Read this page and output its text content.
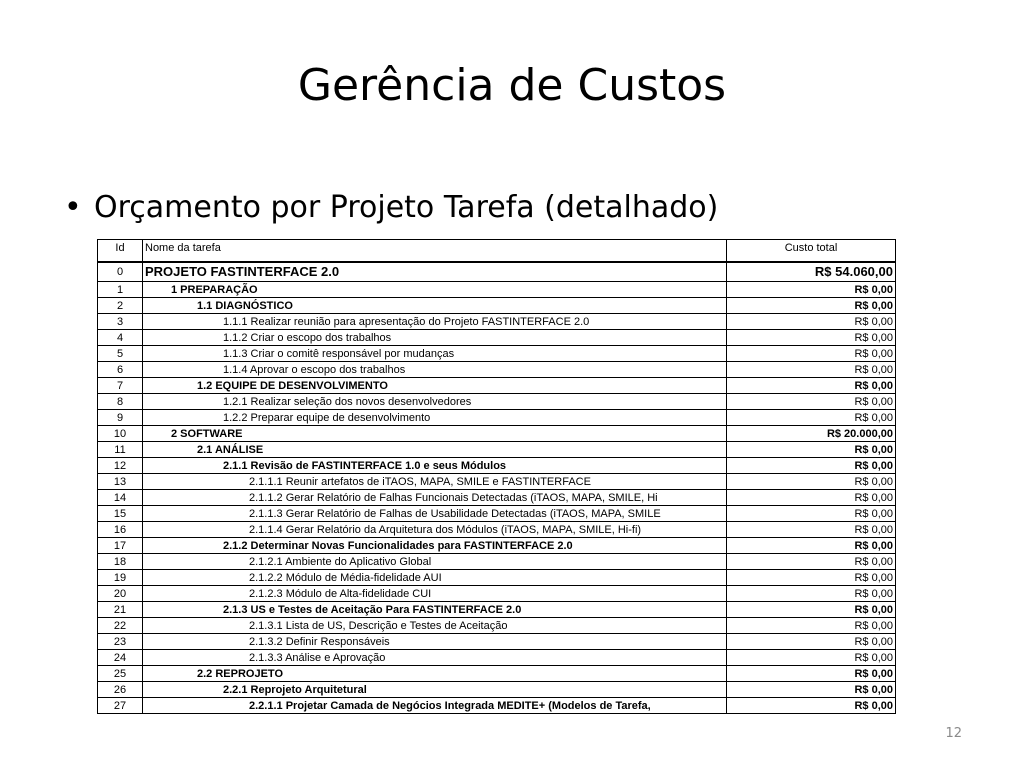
Gerência de Custos
• Orçamento por Projeto Tarefa (detalhado)
Id	Nome da tarefa	Custo total
0	PROJETO FASTINTERFACE 2.0	R$ 54.060,00
1	1 PREPARAÇÃO	R$ 0,00
2	1.1 DIAGNÓSTICO	R$ 0,00
3	1.1.1 Realizar reunião para apresentação do Projeto FASTINTERFACE 2.0	R$ 0,00
4	1.1.2 Criar o escopo dos trabalhos	R$ 0,00
5	1.1.3 Criar o comitê responsável por mudanças	R$ 0,00
6	1.1.4 Aprovar o escopo dos trabalhos	R$ 0,00
7	1.2 EQUIPE DE DESENVOLVIMENTO	R$ 0,00
8	1.2.1 Realizar seleção dos novos desenvolvedores	R$ 0,00
9	1.2.2 Preparar equipe de desenvolvimento	R$ 0,00
10	2 SOFTWARE	R$ 20.000,00
11	2.1 ANÁLISE	R$ 0,00
12	2.1.1 Revisão de FASTINTERFACE 1.0 e seus Módulos	R$ 0,00
13	2.1.1.1 Reunir artefatos de iTAOS, MAPA, SMILE e FASTINTERFACE	R$ 0,00
14	2.1.1.2 Gerar Relatório de Falhas Funcionais Detectadas (iTAOS, MAPA, SMILE, Hi	R$ 0,00
15	2.1.1.3 Gerar Relatório de Falhas de Usabilidade Detectadas (iTAOS, MAPA, SMILE	R$ 0,00
16	2.1.1.4 Gerar Relatório da Arquitetura dos Módulos (iTAOS, MAPA, SMILE, Hi-fi)	R$ 0,00
17	2.1.2 Determinar Novas Funcionalidades para FASTINTERFACE 2.0	R$ 0,00
18	2.1.2.1 Ambiente do Aplicativo Global	R$ 0,00
19	2.1.2.2 Módulo de Média-fidelidade AUI	R$ 0,00
20	2.1.2.3 Módulo de Alta-fidelidade CUI	R$ 0,00
21	2.1.3 US e Testes de Aceitação Para FASTINTERFACE 2.0	R$ 0,00
22	2.1.3.1 Lista de US, Descrição e Testes de Aceitação	R$ 0,00
23	2.1.3.2 Definir Responsáveis	R$ 0,00
24	2.1.3.3 Análise e Aprovação	R$ 0,00
25	2.2 REPROJETO	R$ 0,00
26	2.2.1 Reprojeto Arquitetural	R$ 0,00
27	2.2.1.1 Projetar Camada de Negócios Integrada MEDITE+ (Modelos de Tarefa,	R$ 0,00
12
